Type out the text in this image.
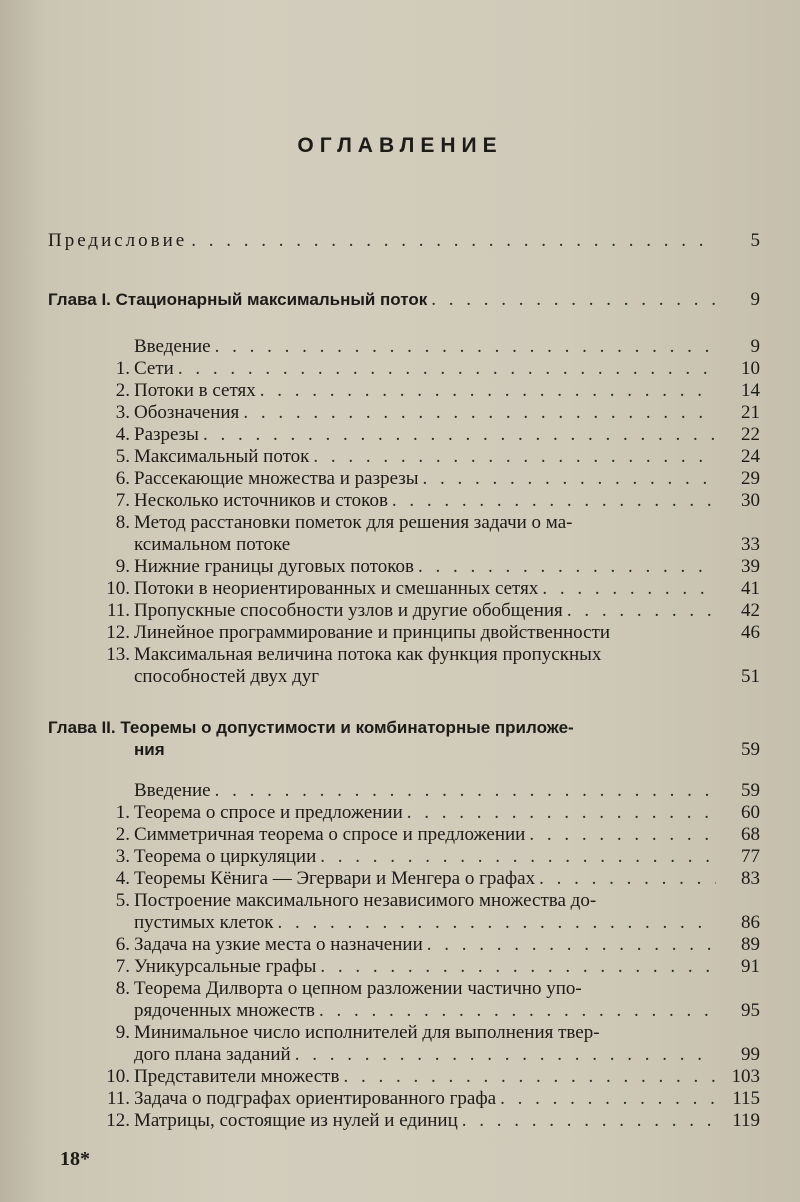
ОГЛАВЛЕНИЕ
Предисловие . . .	5
Глава I. Стационарный максимальный поток . . .	9
Введение . . .	9
1. Сети . . .	10
2. Потоки в сетях . . .	14
3. Обозначения . . .	21
4. Разрезы . . .	22
5. Максимальный поток . . .	24
6. Рассекающие множества и разрезы . . .	29
7. Несколько источников и стоков . . .	30
8. Метод расстановки пометок для решения задачи о ма-
ксимальном потоке	33
9. Нижние границы дуговых потоков . . .	39
10. Потоки в неориентированных и смешанных сетях . . .	41
11. Пропускные способности узлов и другие обобщения . . .	42
12. Линейное программирование и принципы двойственности	46
13. Максимальная величина потока как функция пропускных
способностей двух дуг	51
Глава II. Теоремы о допустимости и комбинаторные приложе-
ния	59
Введение . . .	59
1. Теорема о спросе и предложении . . .	60
2. Симметричная теорема о спросе и предложении . . .	68
3. Теорема о циркуляции . . .	77
4. Теоремы Кёнига — Эгервари и Менгера о графах . . .	83
5. Построение максимального независимого множества до-
пустимых клеток . . .	86
6. Задача на узкие места о назначении . . .	89
7. Уникурсальные графы . . .	91
8. Теорема Дилворта о цепном разложении частично упо-
рядоченных множеств . . .	95
9. Минимальное число исполнителей для выполнения твер-
дого плана заданий . . .	99
10. Представители множеств . . .	103
11. Задача о подграфах ориентированного графа . . .	115
12. Матрицы, состоящие из нулей и единиц . . .	119
18*
